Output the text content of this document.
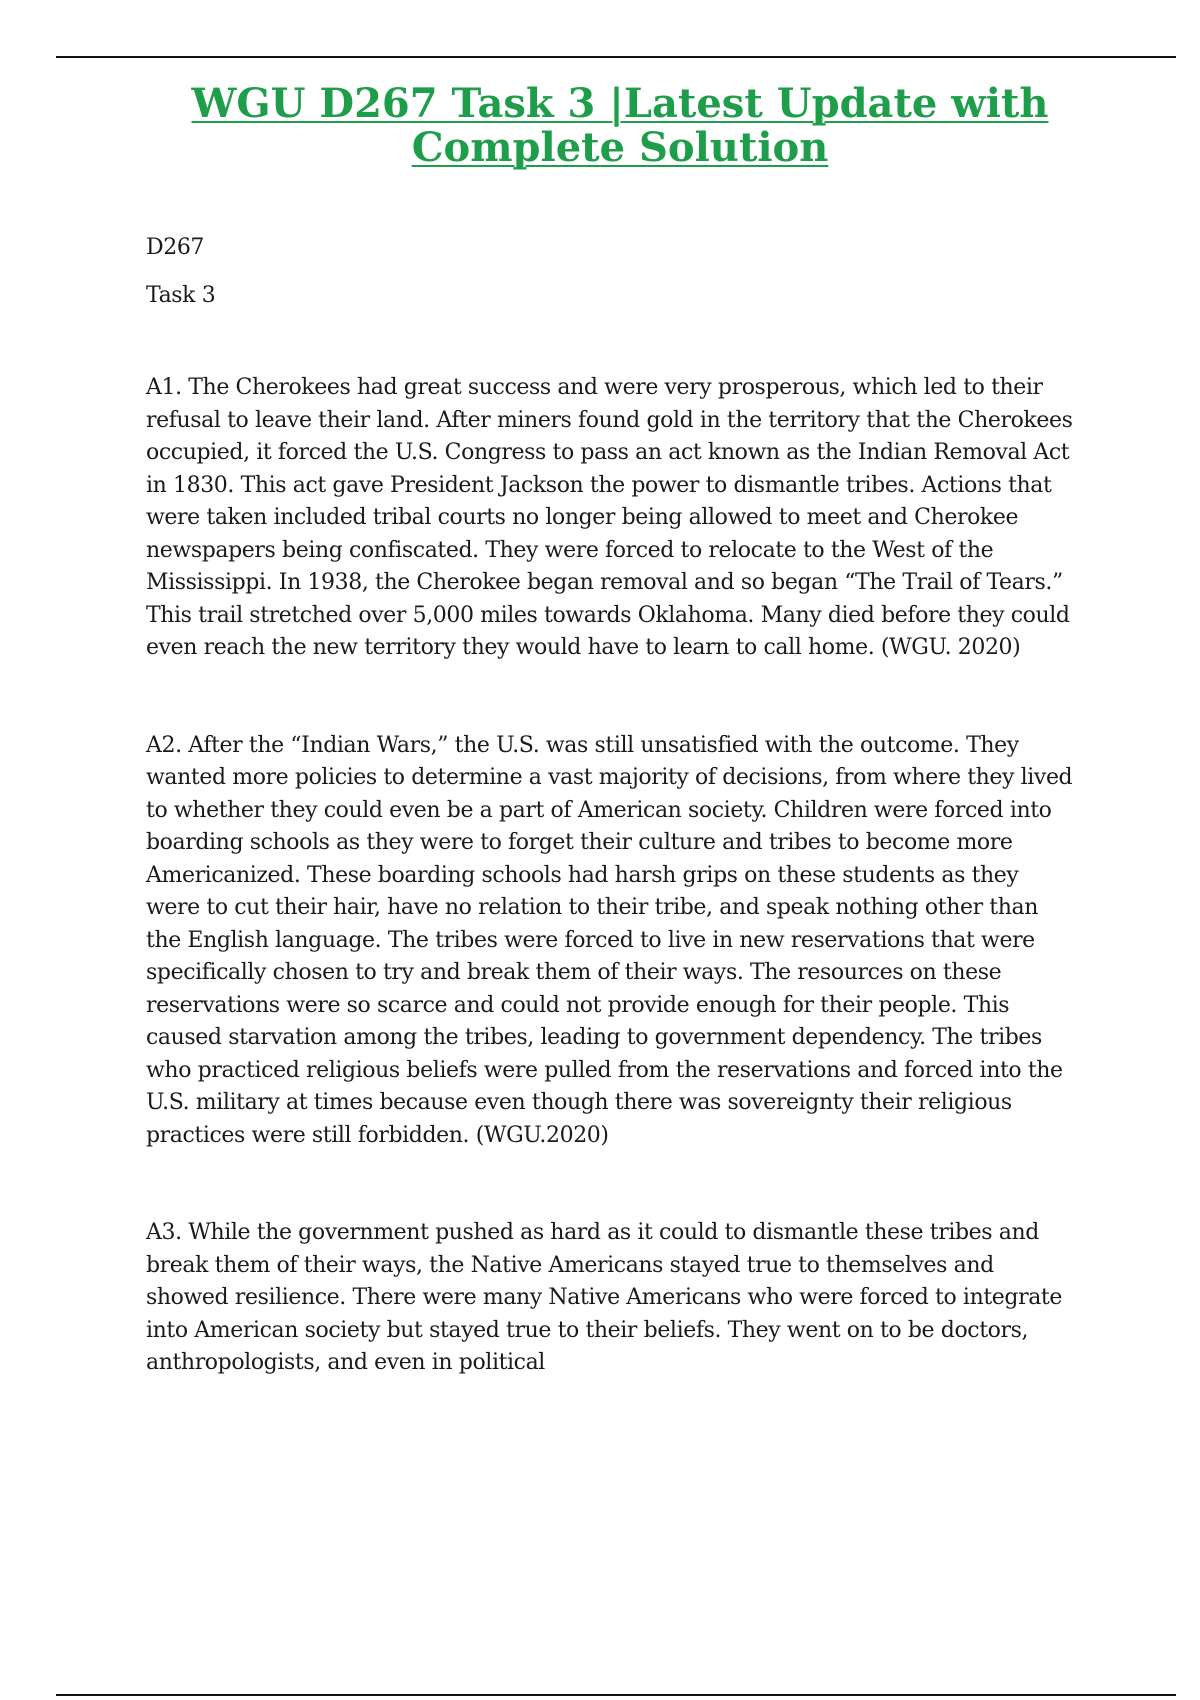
WGU D267 Task 3 |Latest Update with Complete Solution

D267

Task 3

A1. The Cherokees had great success and were very prosperous, which led to their refusal to leave their land. After miners found gold in the territory that the Cherokees occupied, it forced the U.S. Congress to pass an act known as the Indian Removal Act in 1830. This act gave President Jackson the power to dismantle tribes. Actions that were taken included tribal courts no longer being allowed to meet and Cherokee newspapers being confiscated. They were forced to relocate to the West of the Mississippi. In 1938, the Cherokee began removal and so began “The Trail of Tears.” This trail stretched over 5,000 miles towards Oklahoma. Many died before they could even reach the new territory they would have to learn to call home. (WGU. 2020)

A2. After the “Indian Wars,” the U.S. was still unsatisfied with the outcome. They wanted more policies to determine a vast majority of decisions, from where they lived to whether they could even be a part of American society. Children were forced into boarding schools as they were to forget their culture and tribes to become more Americanized. These boarding schools had harsh grips on these students as they were to cut their hair, have no relation to their tribe, and speak nothing other than the English language. The tribes were forced to live in new reservations that were specifically chosen to try and break them of their ways. The resources on these reservations were so scarce and could not provide enough for their people. This caused starvation among the tribes, leading to government dependency. The tribes who practiced religious beliefs were pulled from the reservations and forced into the U.S. military at times because even though there was sovereignty their religious practices were still forbidden. (WGU.2020)

A3. While the government pushed as hard as it could to dismantle these tribes and break them of their ways, the Native Americans stayed true to themselves and showed resilience. There were many Native Americans who were forced to integrate into American society but stayed true to their beliefs. They went on to be doctors, anthropologists, and even in political
